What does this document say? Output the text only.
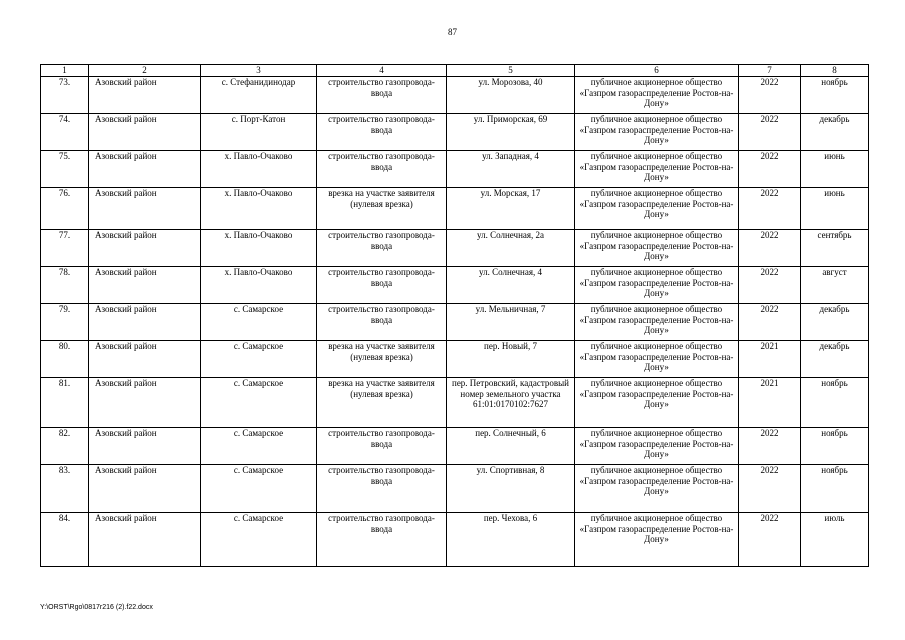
87
1	2	3	4	5	6	7	8
73.	Азовский район	с. Стефанидинодар	строительство газопровода-ввода	ул. Морозова, 40	публичное акционерное общество «Газпром газораспределение Ростов-на-Дону»	2022	ноябрь
74.	Азовский район	с. Порт-Катон	строительство газопровода-ввода	ул. Приморская, 69	публичное акционерное общество «Газпром газораспределение Ростов-на-Дону»	2022	декабрь
75.	Азовский район	х. Павло-Очаково	строительство газопровода-ввода	ул. Западная, 4	публичное акционерное общество «Газпром газораспределение Ростов-на-Дону»	2022	июнь
76.	Азовский район	х. Павло-Очаково	врезка на участке заявителя (нулевая врезка)	ул. Морская, 17	публичное акционерное общество «Газпром газораспределение Ростов-на-Дону»	2022	июнь
77.	Азовский район	х. Павло-Очаково	строительство газопровода-ввода	ул. Солнечная, 2а	публичное акционерное общество «Газпром газораспределение Ростов-на-Дону»	2022	сентябрь
78.	Азовский район	х. Павло-Очаково	строительство газопровода-ввода	ул. Солнечная, 4	публичное акционерное общество «Газпром газораспределение Ростов-на-Дону»	2022	август
79.	Азовский район	с. Самарское	строительство газопровода-ввода	ул. Мельничная, 7	публичное акционерное общество «Газпром газораспределение Ростов-на-Дону»	2022	декабрь
80.	Азовский район	с. Самарское	врезка на участке заявителя (нулевая врезка)	пер. Новый, 7	публичное акционерное общество «Газпром газораспределение Ростов-на-Дону»	2021	декабрь
81.	Азовский район	с. Самарское	врезка на участке заявителя (нулевая врезка)	пер. Петровский, кадастровый номер земельного участка 61:01:0170102:7627	публичное акционерное общество «Газпром газораспределение Ростов-на-Дону»	2021	ноябрь
82.	Азовский район	с. Самарское	строительство газопровода-ввода	пер. Солнечный, 6	публичное акционерное общество «Газпром газораспределение Ростов-на-Дону»	2022	ноябрь
83.	Азовский район	с. Самарское	строительство газопровода-ввода	ул. Спортивная, 8	публичное акционерное общество «Газпром газораспределение Ростов-на-Дону»	2022	ноябрь
84.	Азовский район	с. Самарское	строительство газопровода-ввода	пер. Чехова, 6	публичное акционерное общество «Газпром газораспределение Ростов-на-Дону»	2022	июль
Y:\ORST\Rgo\0817r216 (2).f22.docx
